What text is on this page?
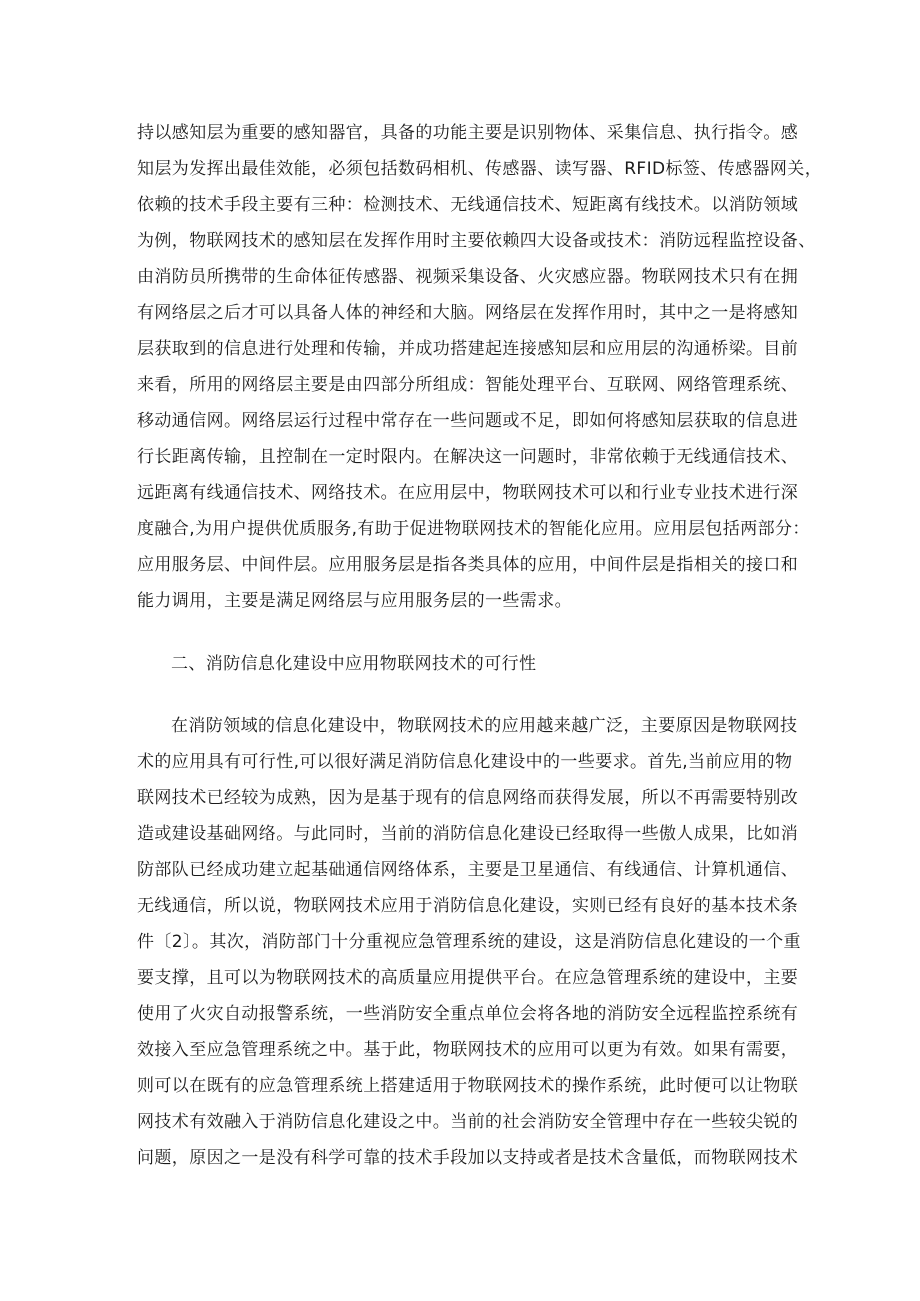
持以感知层为重要的感知器官，具备的功能主要是识别物体、采集信息、执行指令。感
知层为发挥出最佳效能，必须包括数码相机、传感器、读写器、RFID标签、传感器网关，
依赖的技术手段主要有三种：检测技术、无线通信技术、短距离有线技术。以消防领域
为例，物联网技术的感知层在发挥作用时主要依赖四大设备或技术：消防远程监控设备、
由消防员所携带的生命体征传感器、视频采集设备、火灾感应器。物联网技术只有在拥
有网络层之后才可以具备人体的神经和大脑。网络层在发挥作用时，其中之一是将感知
层获取到的信息进行处理和传输，并成功搭建起连接感知层和应用层的沟通桥梁。目前
来看，所用的网络层主要是由四部分所组成：智能处理平台、互联网、网络管理系统、
移动通信网。网络层运行过程中常存在一些问题或不足，即如何将感知层获取的信息进
行长距离传输，且控制在一定时限内。在解决这一问题时，非常依赖于无线通信技术、
远距离有线通信技术、网络技术。在应用层中，物联网技术可以和行业专业技术进行深
度融合,为用户提供优质服务,有助于促进物联网技术的智能化应用。应用层包括两部分：
应用服务层、中间件层。应用服务层是指各类具体的应用，中间件层是指相关的接口和
能力调用，主要是满足网络层与应用服务层的一些需求。
二、消防信息化建设中应用物联网技术的可行性
在消防领域的信息化建设中，物联网技术的应用越来越广泛，主要原因是物联网技
术的应用具有可行性,可以很好满足消防信息化建设中的一些要求。首先,当前应用的物
联网技术已经较为成熟，因为是基于现有的信息网络而获得发展，所以不再需要特别改
造或建设基础网络。与此同时，当前的消防信息化建设已经取得一些傲人成果，比如消
防部队已经成功建立起基础通信网络体系，主要是卫星通信、有线通信、计算机通信、
无线通信，所以说，物联网技术应用于消防信息化建设，实则已经有良好的基本技术条
件〔2〕。其次，消防部门十分重视应急管理系统的建设，这是消防信息化建设的一个重
要支撑，且可以为物联网技术的高质量应用提供平台。在应急管理系统的建设中，主要
使用了火灾自动报警系统，一些消防安全重点单位会将各地的消防安全远程监控系统有
效接入至应急管理系统之中。基于此，物联网技术的应用可以更为有效。如果有需要，
则可以在既有的应急管理系统上搭建适用于物联网技术的操作系统，此时便可以让物联
网技术有效融入于消防信息化建设之中。当前的社会消防安全管理中存在一些较尖锐的
问题，原因之一是没有科学可靠的技术手段加以支持或者是技术含量低，而物联网技术
